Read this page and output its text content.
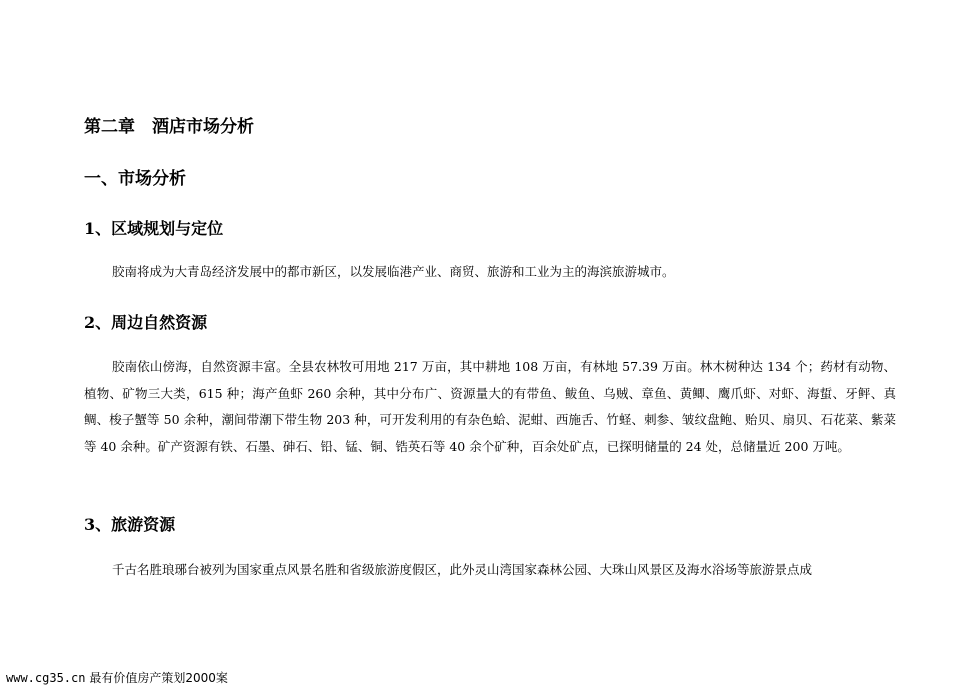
第二章　酒店市场分析
一、市场分析
1、区域规划与定位

胶南将成为大青岛经济发展中的都市新区，以发展临港产业、商贸、旅游和工业为主的海滨旅游城市。

2、周边自然资源

胶南依山傍海，自然资源丰富。全县农林牧可用地 217 万亩，其中耕地 108 万亩，有林地 57.39 万亩。林木树种达 134 个；药材有动物、植物、矿物三大类，615 种；海产鱼虾 260 余种，其中分布广、资源量大的有带鱼、鲅鱼、乌贼、章鱼、黄鲫、鹰爪虾、对虾、海蜇、牙鲆、真鲷、梭子蟹等 50 余种，潮间带潮下带生物 203 种，可开发利用的有杂色蛤、泥蚶、西施舌、竹蛏、刺参、皱纹盘鲍、贻贝、扇贝、石花菜、紫菜等 40 余种。矿产资源有铁、石墨、砷石、铅、锰、铜、锆英石等 40 余个矿种，百余处矿点，已探明储量的 24 处，总储量近 200 万吨。

3、旅游资源

千古名胜琅琊台被列为国家重点风景名胜和省级旅游度假区，此外灵山湾国家森林公园、大珠山风景区及海水浴场等旅游景点成

www.cg35.cn 最有价值房产策划2000案
